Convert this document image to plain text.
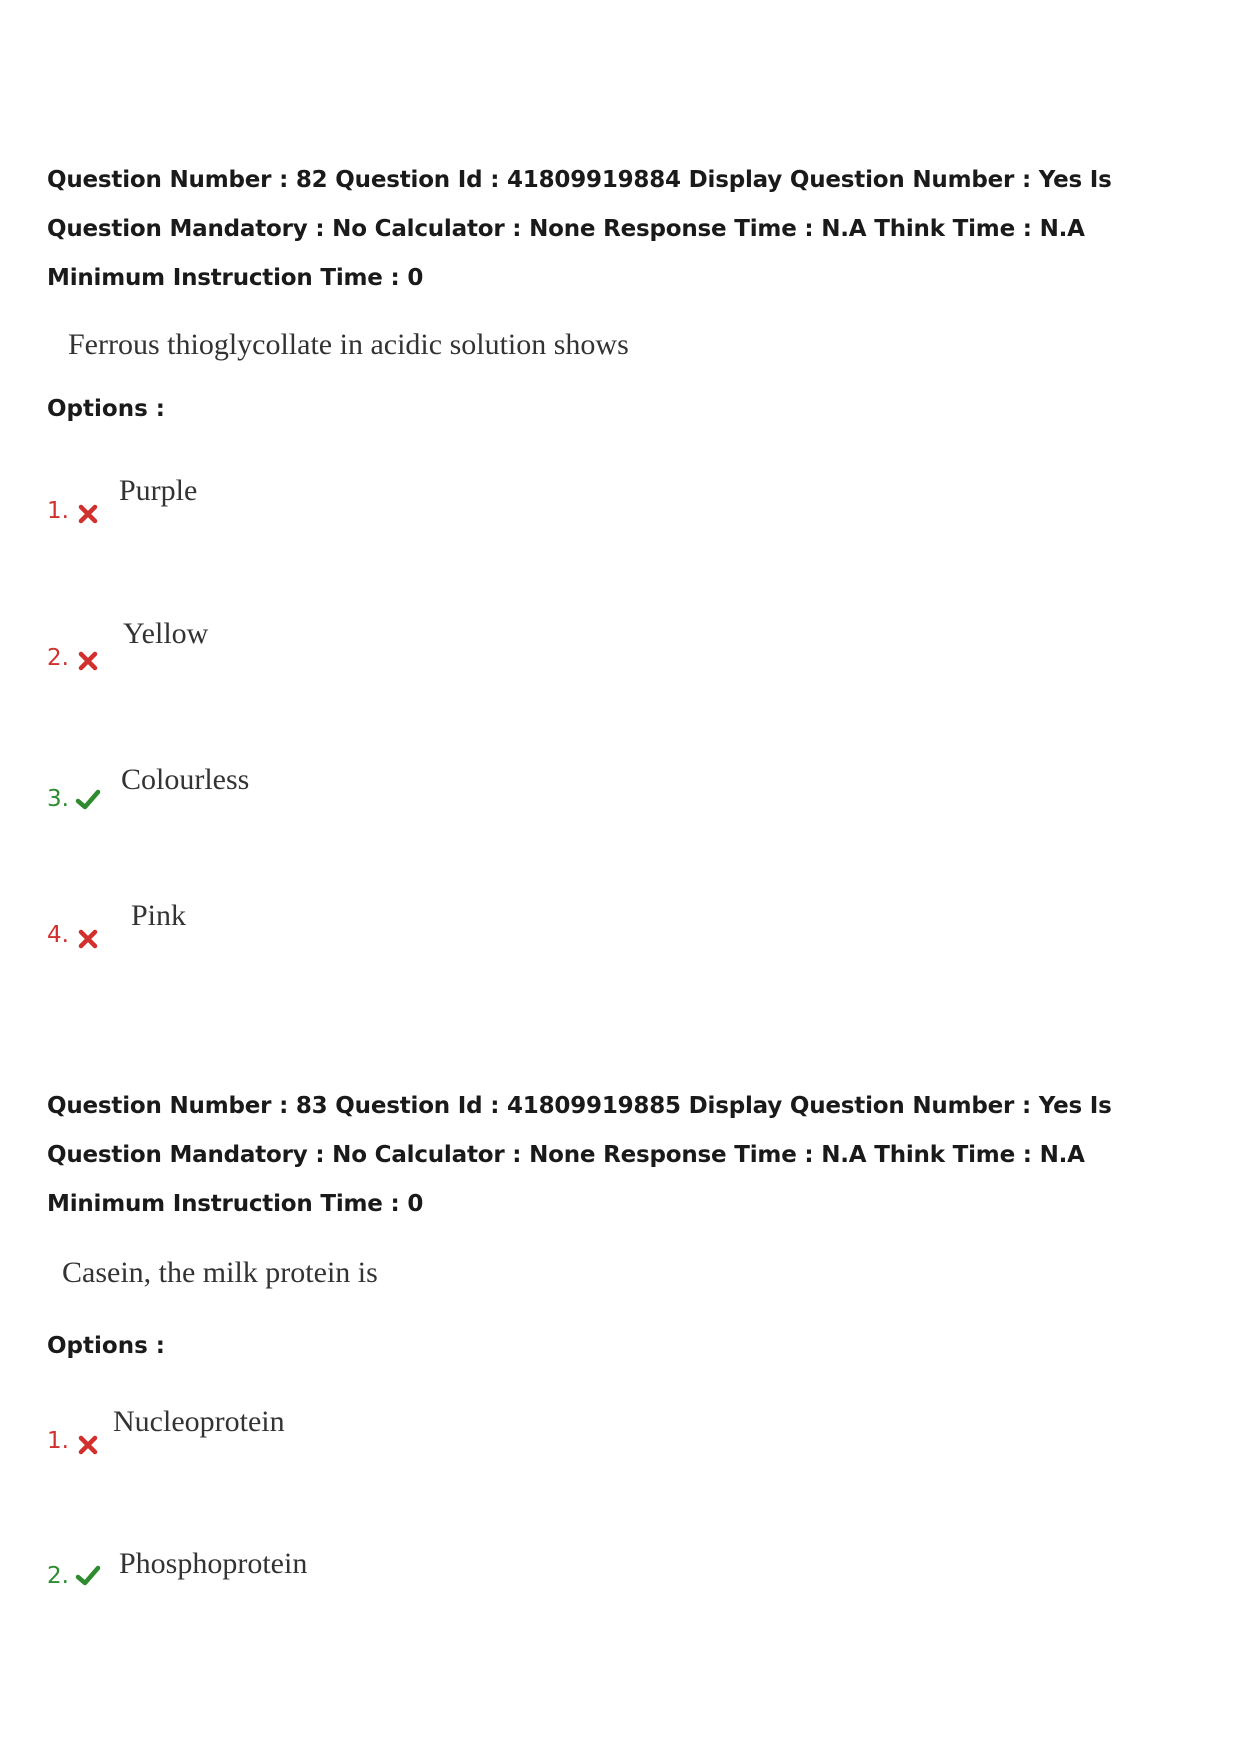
Question Number : 82 Question Id : 41809919884 Display Question Number : Yes Is Question Mandatory : No Calculator : None Response Time : N.A Think Time : N.A Minimum Instruction Time : 0
Ferrous thioglycollate in acidic solution shows
Options :
1.
Purple
2.
Yellow
3.
Colourless
4.
Pink
Question Number : 83 Question Id : 41809919885 Display Question Number : Yes Is Question Mandatory : No Calculator : None Response Time : N.A Think Time : N.A Minimum Instruction Time : 0
Casein, the milk protein is
Options :
1.
Nucleoprotein
2. Phosphoprotein
